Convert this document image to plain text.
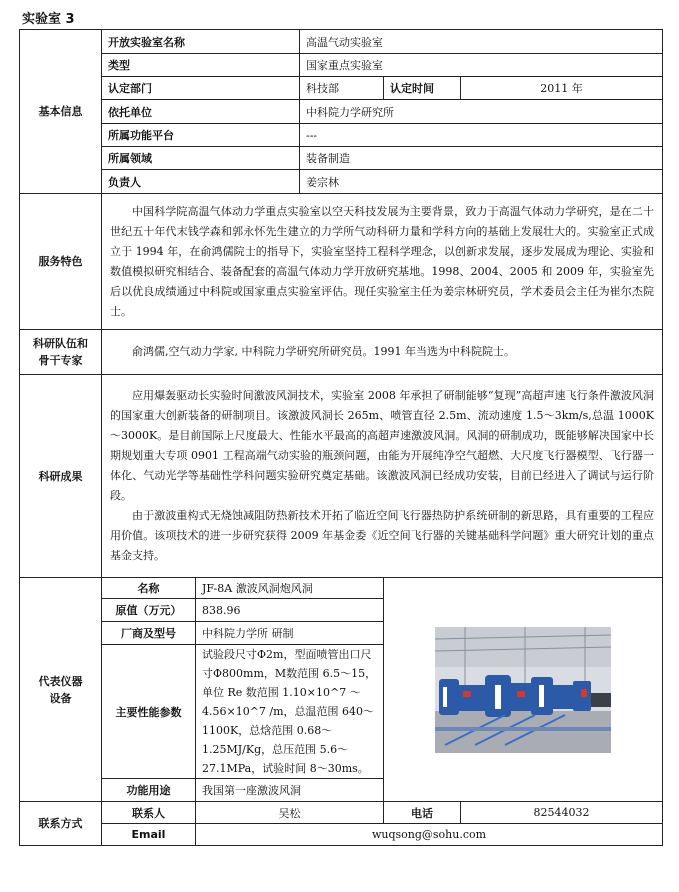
实验室 3
基本信息	开放实验室名称		高温气动实验室		
	类型		国家重点实验室		
	认定部门		科技部	认定时间	2011 年
	依托单位		中科院力学研究所		
	所属功能平台		---		
	所属领域		装备制造		
	负责人		姜宗林		
服务特色	中国科学院高温气体动力学重点实验室以空天科技发展为主要背景，致力于高温气体动力学研究，是在二十世纪五十年代末钱学森和郭永怀先生建立的力学所气动科研力量和学科方向的基础上发展壮大的。实验室正式成立于 1994 年，在俞鸿儒院士的指导下，实验室坚持工程科学理念，以创新求发展，逐步发展成为理论、实验和数值模拟研究相结合、装备配套的高温气体动力学开放研究基地。1998、2004、2005 和 2009 年，实验室先后以优良成绩通过中科院或国家重点实验室评估。现任实验室主任为姜宗林研究员，学术委员会主任为崔尔杰院士。				

科研队伍和
骨干专家	俞鸿儒,空气动力学家, 中科院力学研究所研究员。1991 年当选为中科院院士。				

科研成果	应用爆轰驱动长实验时间激波风洞技术，实验室 2008 年承担了研制能够“复现”高超声速飞行条件激波风洞的国家重大创新装备的研制项目。该激波风洞长 265m、喷管直径 2.5m、流动速度 1.5～3km/s,总温 1000K～3000K。是目前国际上尺度最大、性能水平最高的高超声速激波风洞。风洞的研制成功，既能够解决国家中长期规划重大专项 0901 工程高端气动实验的瓶颈问题，由能为开展纯净空气超燃、大尺度飞行器模型、飞行器一体化、气动光学等基础性学科问题实验研究奠定基础。该激波风洞已经成功安装，目前已经进入了调试与运行阶段。

由于激波重构式无烧蚀减阻防热新技术开拓了临近空间飞行器热防护系统研制的新思路，具有重要的工程应用价值。该项技术的进一步研究获得 2009 年基金委《近空间飞行器的关键基础科学问题》重大研究计划的重点基金支持。				

代表仪器
设备	名称	JF-8A 激波风洞炮风洞	

	原值（万元）	838.96			
	厂商及型号	中科院力学所 研制			
	主要性能参数	试验段尺寸Φ2m，型面喷管出口尺寸Φ800mm，M数范围 6.5～15，单位 Re 数范围 1.10×10^7 ～4.56×10^7 /m，总温范围 640～1100K，总焓范围 0.68～1.25MJ/Kg，总压范围 5.6～27.1MPa，试验时间 8～30ms。			
	功能用途	我国第一座激波风洞			
联系方式	联系人	吴松		电话	82544032
	Email	wuqsong@sohu.com			
